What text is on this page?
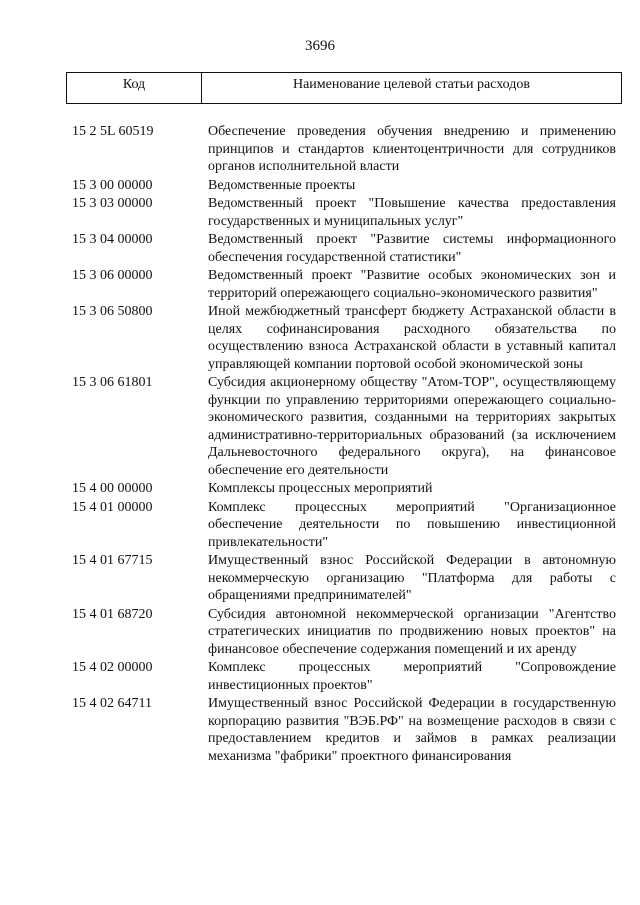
3696
Код	Наименование целевой статьи расходов
15 2 5L 60519	Обеспечение проведения обучения внедрению и применению принципов и стандартов клиентоцентричности для сотрудников органов исполнительной власти
15 3 00 00000	Ведомственные проекты
15 3 03 00000	Ведомственный проект "Повышение качества предоставления государственных и муниципальных услуг"
15 3 04 00000	Ведомственный проект "Развитие системы информационного обеспечения государственной статистики"
15 3 06 00000	Ведомственный проект "Развитие особых экономических зон и территорий опережающего социально-экономического развития"
15 3 06 50800	Иной межбюджетный трансферт бюджету Астраханской области в целях софинансирования расходного обязательства по осуществлению взноса Астраханской области в уставный капитал управляющей компании портовой особой экономической зоны
15 3 06 61801	Субсидия акционерному обществу "Атом-ТОР", осуществляющему функции по управлению территориями опережающего социально-экономического развития, созданными на территориях закрытых административно-территориальных образований (за исключением Дальневосточного федерального округа), на финансовое обеспечение его деятельности
15 4 00 00000	Комплексы процессных мероприятий
15 4 01 00000	Комплекс процессных мероприятий "Организационное обеспечение деятельности по повышению инвестиционной привлекательности"
15 4 01 67715	Имущественный взнос Российской Федерации в автономную некоммерческую организацию "Платформа для работы с обращениями предпринимателей"
15 4 01 68720	Субсидия автономной некоммерческой организации "Агентство стратегических инициатив по продвижению новых проектов" на финансовое обеспечение содержания помещений и их аренду
15 4 02 00000	Комплекс процессных мероприятий "Сопровождение инвестиционных проектов"
15 4 02 64711	Имущественный взнос Российской Федерации в государственную корпорацию развития "ВЭБ.РФ" на возмещение расходов в связи с предоставлением кредитов и займов в рамках реализации механизма "фабрики" проектного финансирования
